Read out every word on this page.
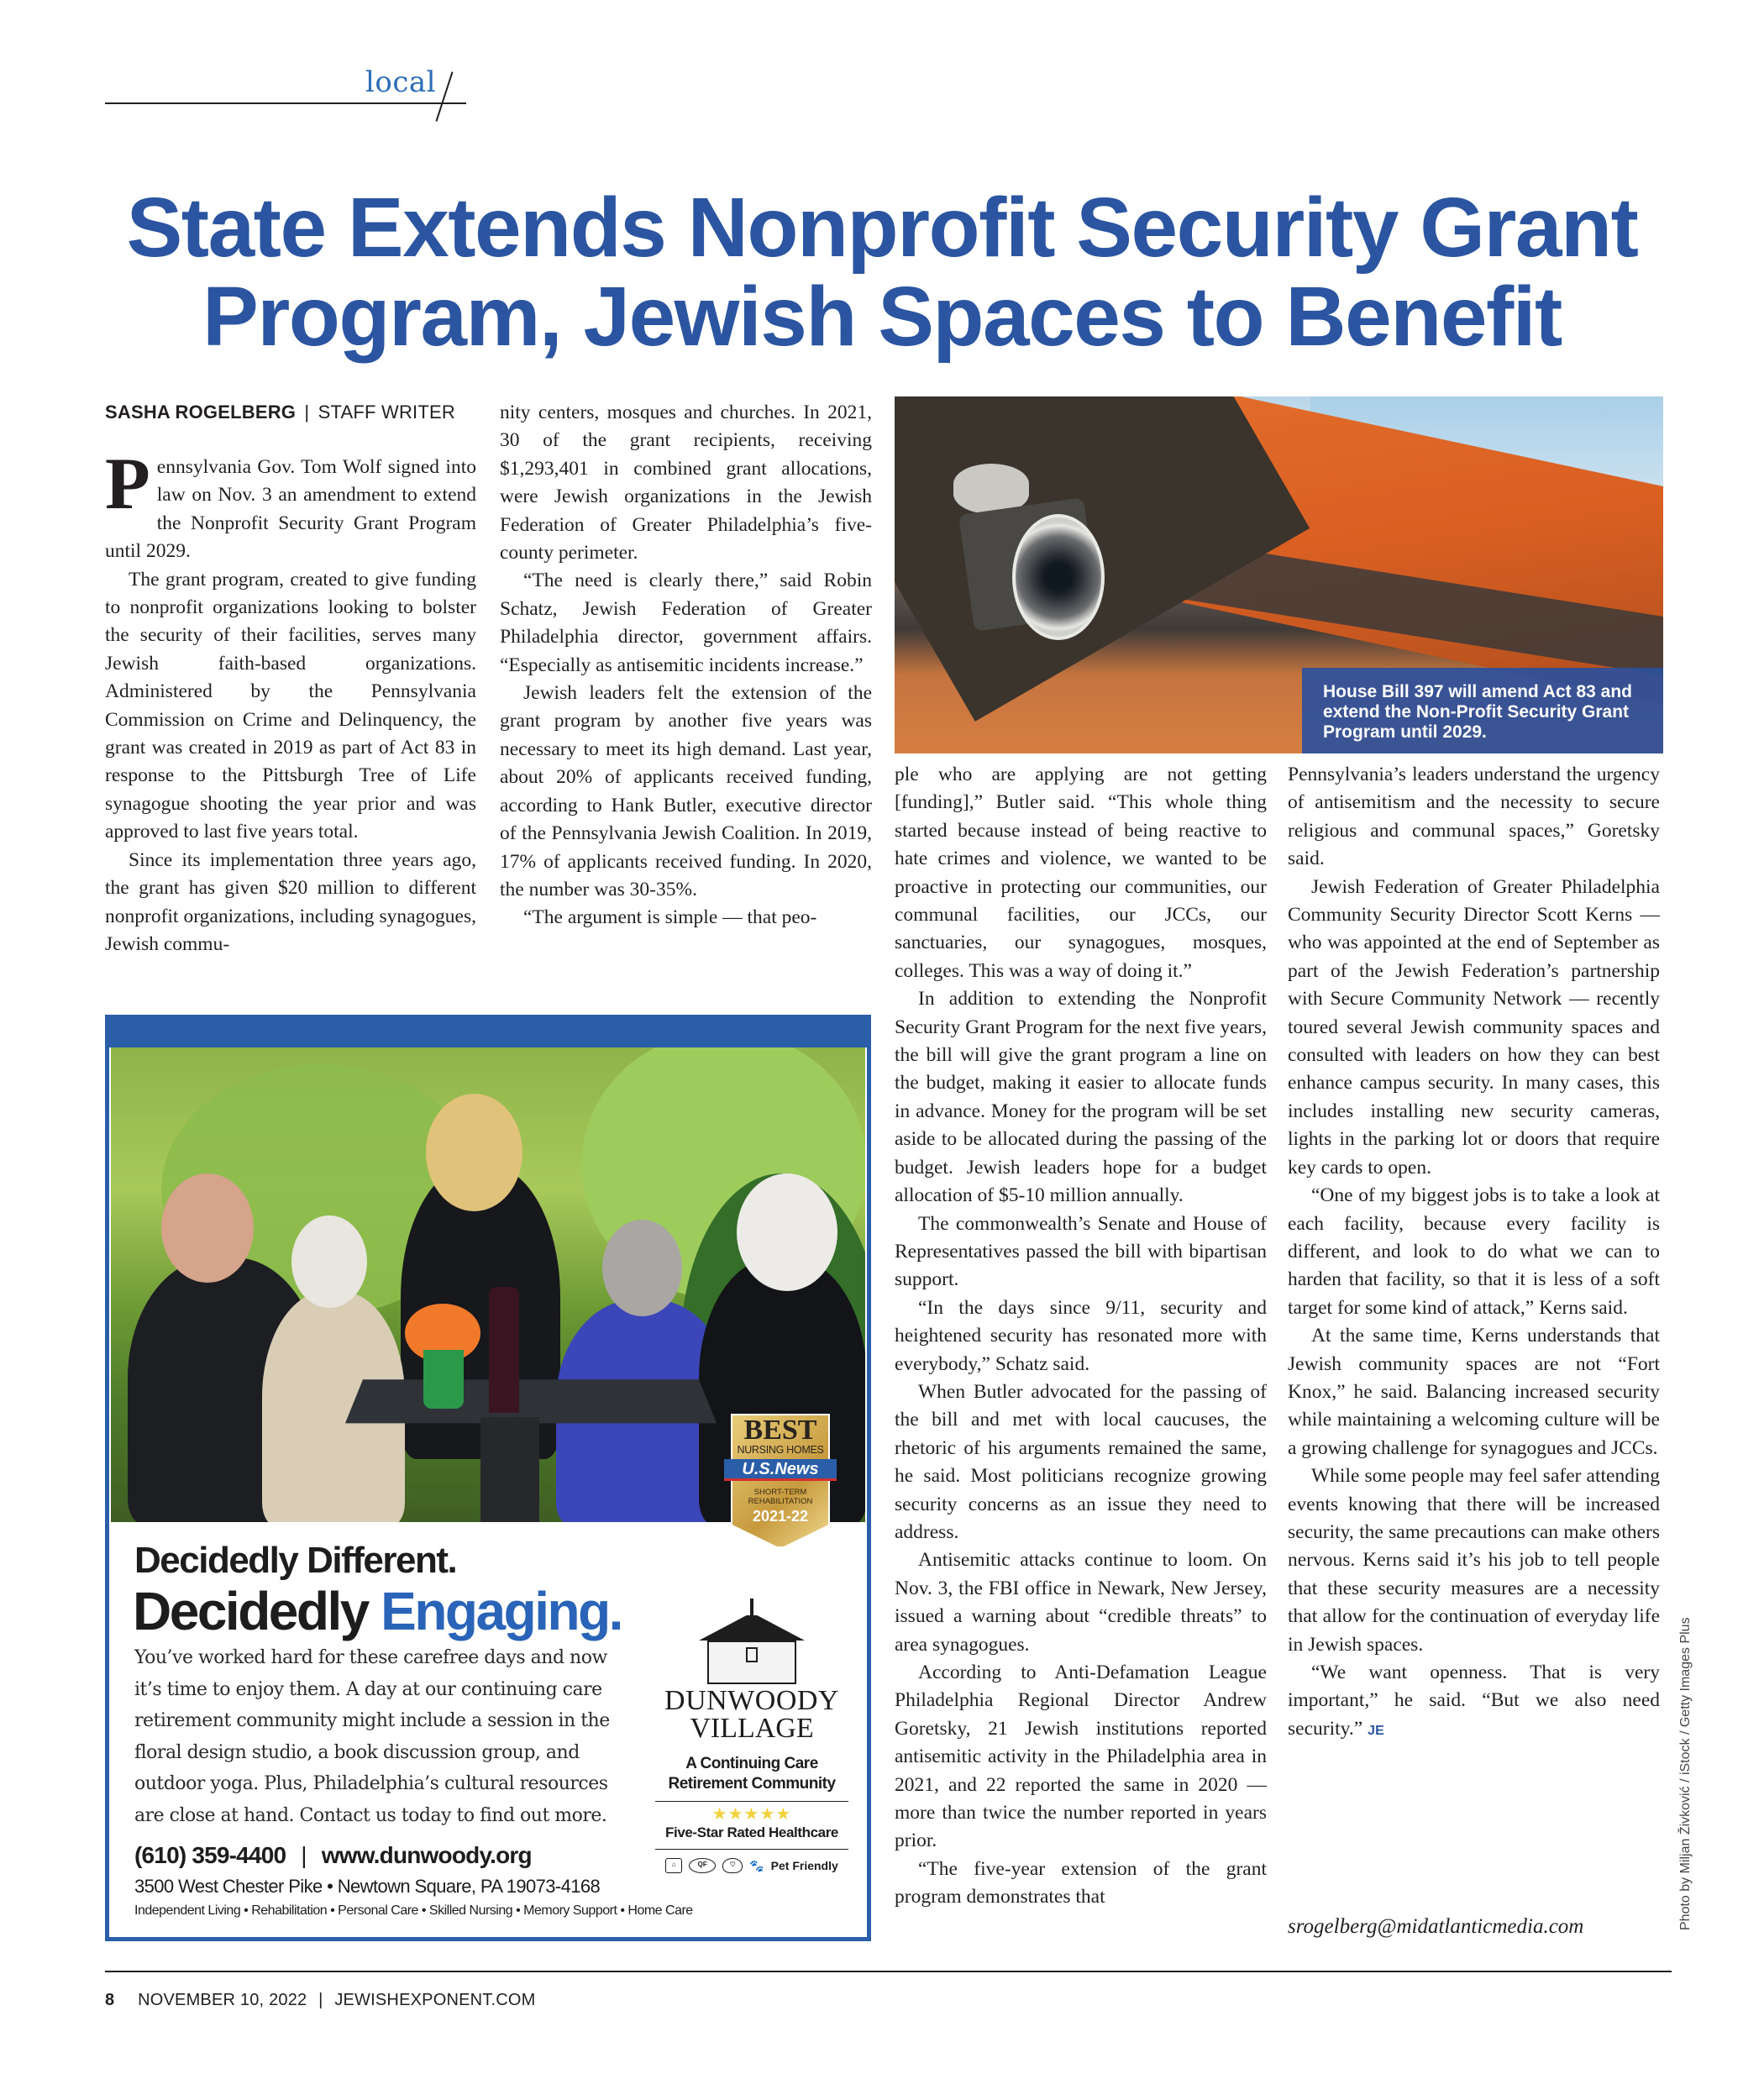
local
State Extends Nonprofit Security Grant
Program, Jewish Spaces to Benefit
SASHA ROGELBERG | STAFF WRITER

Pennsylvania Gov. Tom Wolf signed into law on Nov. 3 an amendment to extend the Nonprofit Security Grant Program until 2029.

The grant program, created to give funding to nonprofit organizations looking to bolster the security of their facilities, serves many Jewish faith-based organizations. Administered by the Pennsylvania Commission on Crime and Delinquency, the grant was created in 2019 as part of Act 83 in response to the Pittsburgh Tree of Life synagogue shooting the year prior and was approved to last five years total.

Since its implementation three years ago, the grant has given $20 million to different nonprofit organizations, including synagogues, Jewish commu-

nity centers, mosques and churches. In 2021, 30 of the grant recipients, receiving $1,293,401 in combined grant allocations, were Jewish organizations in the Jewish Federation of Greater Philadelphia’s five-county perimeter.

“The need is clearly there,” said Robin Schatz, Jewish Federation of Greater Philadelphia director, government affairs. “Especially as antisemitic incidents increase.”

Jewish leaders felt the extension of the grant program by another five years was necessary to meet its high demand. Last year, about 20% of applicants received funding, according to Hank Butler, executive director of the Pennsylvania Jewish Coalition. In 2019, 17% of applicants received funding. In 2020, the number was 30-35%.

“The argument is simple — that peo-

House Bill 397 will amend Act 83 and extend the Non-Profit Security Grant Program until 2029.

ple who are applying are not getting [funding],” Butler said. “This whole thing started because instead of being reactive to hate crimes and violence, we wanted to be proactive in protecting our communities, our communal facilities, our JCCs, our sanctuaries, our synagogues, mosques, colleges. This was a way of doing it.”

In addition to extending the Nonprofit Security Grant Program for the next five years, the bill will give the grant program a line on the budget, making it easier to allocate funds in advance. Money for the program will be set aside to be allocated during the passing of the budget. Jewish leaders hope for a budget allocation of $5-10 million annually.

The commonwealth’s Senate and House of Representatives passed the bill with bipartisan support.

“In the days since 9/11, security and heightened security has resonated more with everybody,” Schatz said.

When Butler advocated for the passing of the bill and met with local caucuses, the rhetoric of his arguments remained the same, he said. Most politicians recognize growing security concerns as an issue they need to address.

Antisemitic attacks continue to loom. On Nov. 3, the FBI office in Newark, New Jersey, issued a warning about “credible threats” to area synagogues.

According to Anti-Defamation League Philadelphia Regional Director Andrew Goretsky, 21 Jewish institutions reported antisemitic activity in the Philadelphia area in 2021, and 22 reported the same in 2020 — more than twice the number reported in years prior.

“The five-year extension of the grant program demonstrates that

Pennsylvania’s leaders understand the urgency of antisemitism and the necessity to secure religious and communal spaces,” Goretsky said.

Jewish Federation of Greater Philadelphia Community Security Director Scott Kerns — who was appointed at the end of September as part of the Jewish Federation’s partnership with Secure Community Network — recently toured several Jewish community spaces and consulted with leaders on how they can best enhance campus security. In many cases, this includes installing new security cameras, lights in the parking lot or doors that require key cards to open.

“One of my biggest jobs is to take a look at each facility, because every facility is different, and look to do what we can to harden that facility, so that it is less of a soft target for some kind of attack,” Kerns said.

At the same time, Kerns understands that Jewish community spaces are not “Fort Knox,” he said. Balancing increased security while maintaining a welcoming culture will be a growing challenge for synagogues and JCCs.

While some people may feel safer attending events knowing that there will be increased security, the same precautions can make others nervous. Kerns said it’s his job to tell people that these security measures are a necessity that allow for the continuation of everyday life in Jewish spaces.

“We want openness. That is very important,” he said. “But we also need security.” JE

srogelberg@midatlanticmedia.com	Photo by Miljan Živković / iStock / Getty Images Plus
BEST
NURSING HOMES
U.S.News
SHORT-TERM REHABILITATION
2021-22
Decidedly Different.
Decidedly Engaging.
You’ve worked hard for these carefree days and now it’s time to enjoy them. A day at our continuing care retirement community might include a session in the floral design studio, a book discussion group, and outdoor yoga. Plus, Philadelphia’s cultural resources are close at hand. Contact us today to find out more.
(610) 359-4400 | www.dunwoody.org
3500 West Chester Pike • Newtown Square, PA 19073-4168
Independent Living • Rehabilitation • Personal Care • Skilled Nursing • Memory Support • Home Care
DUNWOODY
VILLAGE
A Continuing Care Retirement Community
★★★★★
Five-Star Rated Healthcare
⌂	QF	♡	🐾 Pet Friendly
8 NOVEMBER 10, 2022 | JEWISHEXPONENT.COM
